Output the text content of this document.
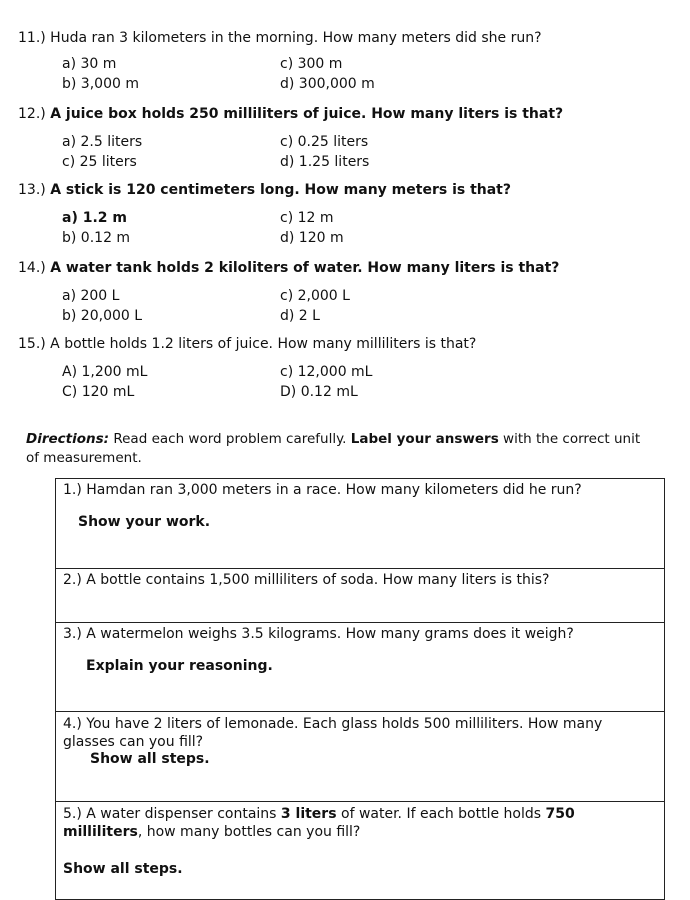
11.) Huda ran 3 kilometers in the morning. How many meters did she run?
a) 30 m
b) 3,000 m
c) 300 m
d) 300,000 m
12.) A juice box holds 250 milliliters of juice. How many liters is that?
a) 2.5 liters
c) 25 liters
c) 0.25 liters
d) 1.25 liters
13.) A stick is 120 centimeters long. How many meters is that?
a) 1.2 m
b) 0.12 m
c) 12 m
d) 120 m
14.) A water tank holds 2 kiloliters of water. How many liters is that?
a) 200 L
b) 20,000 L
c) 2,000 L
d) 2 L
15.) A bottle holds 1.2 liters of juice. How many milliliters is that?
A) 1,200 mL
C) 120 mL
c) 12,000 mL
D) 0.12 mL
Directions: Read each word problem carefully. Label your answers with the correct unit of measurement.
1.) Hamdan ran 3,000 meters in a race. How many kilometers did he run?
Show your work.

2.) A bottle contains 1,500 milliliters of soda. How many liters is this?

3.) A watermelon weighs 3.5 kilograms. How many grams does it weigh?
Explain your reasoning.

4.) You have 2 liters of lemonade. Each glass holds 500 milliliters. How many glasses can you fill?
Show all steps.

5.) A water dispenser contains 3 liters of water. If each bottle holds 750 milliliters, how many bottles can you fill?
Show all steps.
